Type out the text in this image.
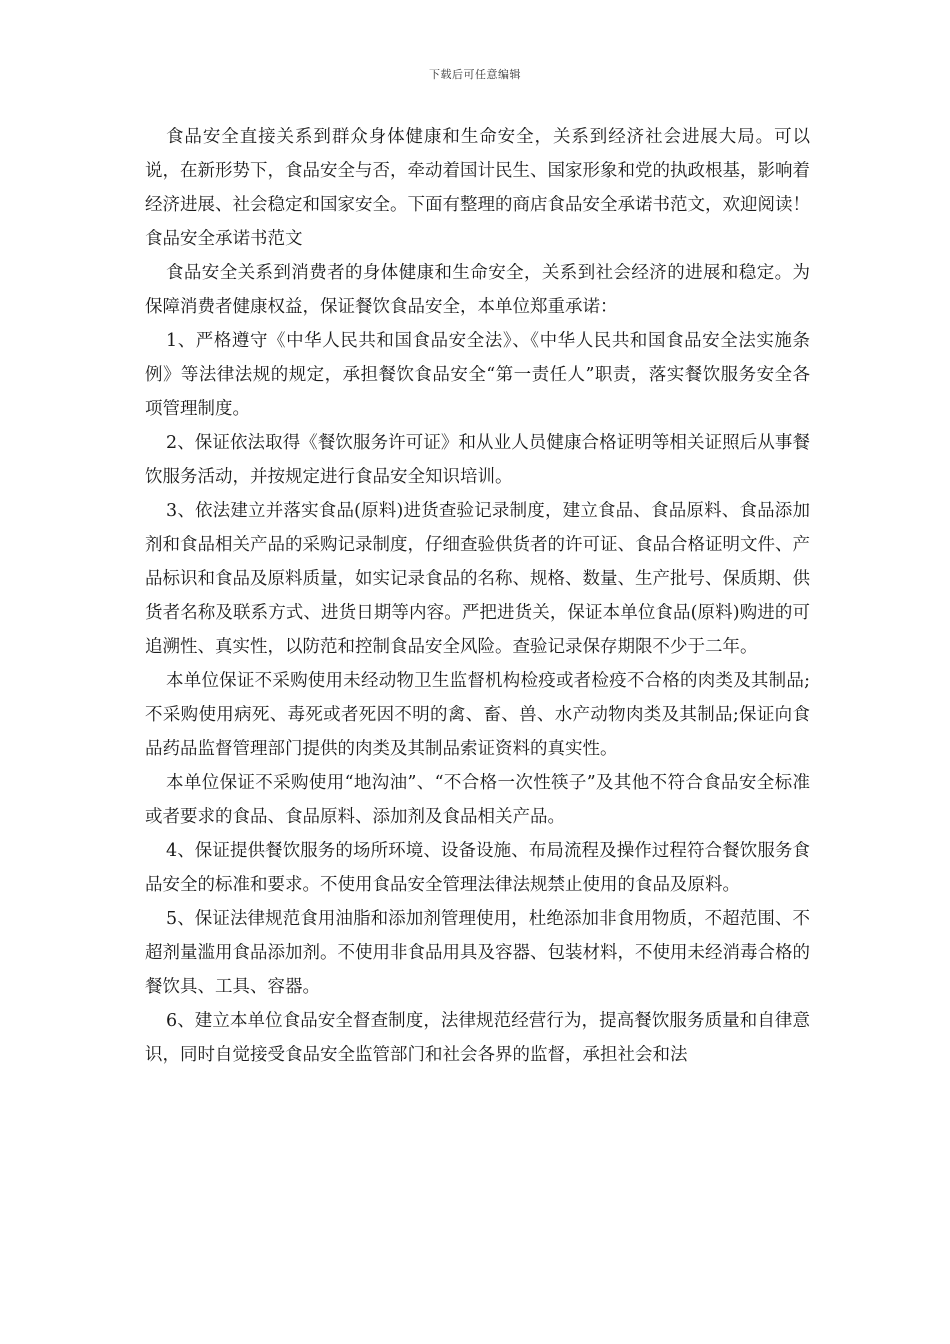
下载后可任意编辑

食品安全直接关系到群众身体健康和生命安全，关系到经济社会进展大局。可以说，在新形势下，食品安全与否，牵动着国计民生、国家形象和党的执政根基，影响着经济进展、社会稳定和国家安全。下面有整理的商店食品安全承诺书范文，欢迎阅读！ 食品安全承诺书范文

食品安全关系到消费者的身体健康和生命安全，关系到社会经济的进展和稳定。为保障消费者健康权益，保证餐饮食品安全，本单位郑重承诺：

1、严格遵守《中华人民共和国食品安全法》、《中华人民共和国食品安全法实施条例》等法律法规的规定，承担餐饮食品安全“第一责任人”职责，落实餐饮服务安全各项管理制度。

2、保证依法取得《餐饮服务许可证》和从业人员健康合格证明等相关证照后从事餐饮服务活动，并按规定进行食品安全知识培训。

3、依法建立并落实食品(原料)进货查验记录制度，建立食品、食品原料、食品添加剂和食品相关产品的采购记录制度，仔细查验供货者的许可证、食品合格证明文件、产品标识和食品及原料质量，如实记录食品的名称、规格、数量、生产批号、保质期、供货者名称及联系方式、进货日期等内容。严把进货关，保证本单位食品(原料)购进的可追溯性、真实性，以防范和控制食品安全风险。查验记录保存期限不少于二年。

本单位保证不采购使用未经动物卫生监督机构检疫或者检疫不合格的肉类及其制品;不采购使用病死、毒死或者死因不明的禽、畜、兽、水产动物肉类及其制品;保证向食品药品监督管理部门提供的肉类及其制品索证资料的真实性。

本单位保证不采购使用“地沟油”、“不合格一次性筷子”及其他不符合食品安全标准或者要求的食品、食品原料、添加剂及食品相关产品。

4、保证提供餐饮服务的场所环境、设备设施、布局流程及操作过程符合餐饮服务食品安全的标准和要求。不使用食品安全管理法律法规禁止使用的食品及原料。

5、保证法律规范食用油脂和添加剂管理使用，杜绝添加非食用物质，不超范围、不超剂量滥用食品添加剂。不使用非食品用具及容器、包装材料，不使用未经消毒合格的餐饮具、工具、容器。

6、建立本单位食品安全督查制度，法律规范经营行为，提高餐饮服务质量和自律意识，同时自觉接受食品安全监管部门和社会各界的监督，承担社会和法
